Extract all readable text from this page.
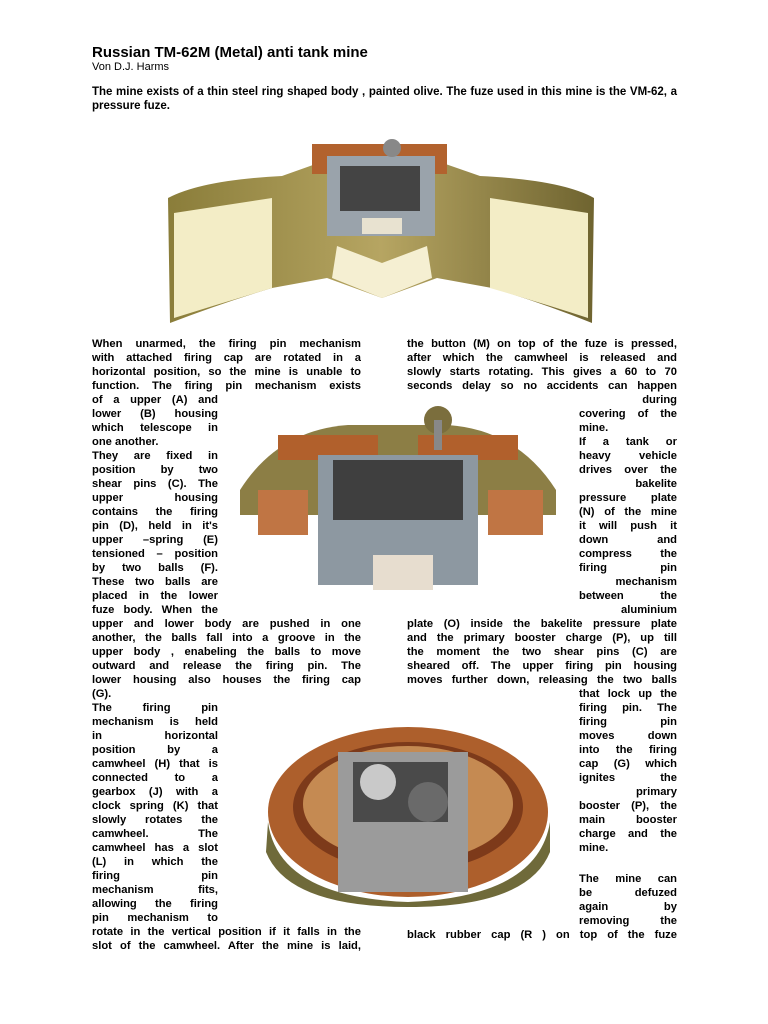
Russian TM-62M (Metal) anti tank mine
Von D.J. Harms
The mine exists of a thin steel ring shaped body , painted olive. The fuze used in this mine is the VM-62, a pressure fuze.
When unarmed, the firing pin mechanism
with attached firing cap are rotated in a
horizontal position, so the mine is unable to
function. The firing pin mechanism exists
of a upper (A) and
lower (B) housing
which telescope in
one another.
They are fixed in
position by two
shear pins (C). The
upper housing
contains the firing
pin (D), held in it's
upper –spring (E)
tensioned – position
by two balls (F).
These two balls are
placed in the lower
fuze body. When the
upper and lower body are pushed in one
another, the balls fall into a groove in the
upper body , enabeling the balls to move
outward and release the firing pin. The
lower housing also houses the firing cap
(G).
The firing pin
mechanism is held
in horizontal
position by a
camwheel (H) that is
connected to a
gearbox (J) with a
clock spring (K) that
slowly rotates the
camwheel. The
camwheel has a slot
(L) in which the
firing pin
mechanism fits,
allowing the firing
pin mechanism to
rotate in the vertical position if it falls in the
slot of the camwheel. After the mine is laid,
the button (M) on top of the fuze is pressed,
after which the camwheel is released and
slowly starts rotating. This gives a 60 to 70
seconds delay so no accidents can happen
during
covering of the
mine.
If a tank or
heavy vehicle
drives over the
bakelite
pressure plate
(N) of the mine
it will push it
down and
compress the
firing pin
mechanism
between the
aluminium
plate (O) inside the bakelite pressure plate
and the primary booster charge (P), up till
the moment the two shear pins (C) are
sheared off. The upper firing pin housing
moves further down, releasing the two balls
that lock up the
firing pin. The
firing pin
moves down
into the firing
cap (G) which
ignites the
primary
booster (P), the
main booster
charge and the
mine.
The mine can
be defuzed
again by
removing the
black rubber cap (R ) on top of the fuze
